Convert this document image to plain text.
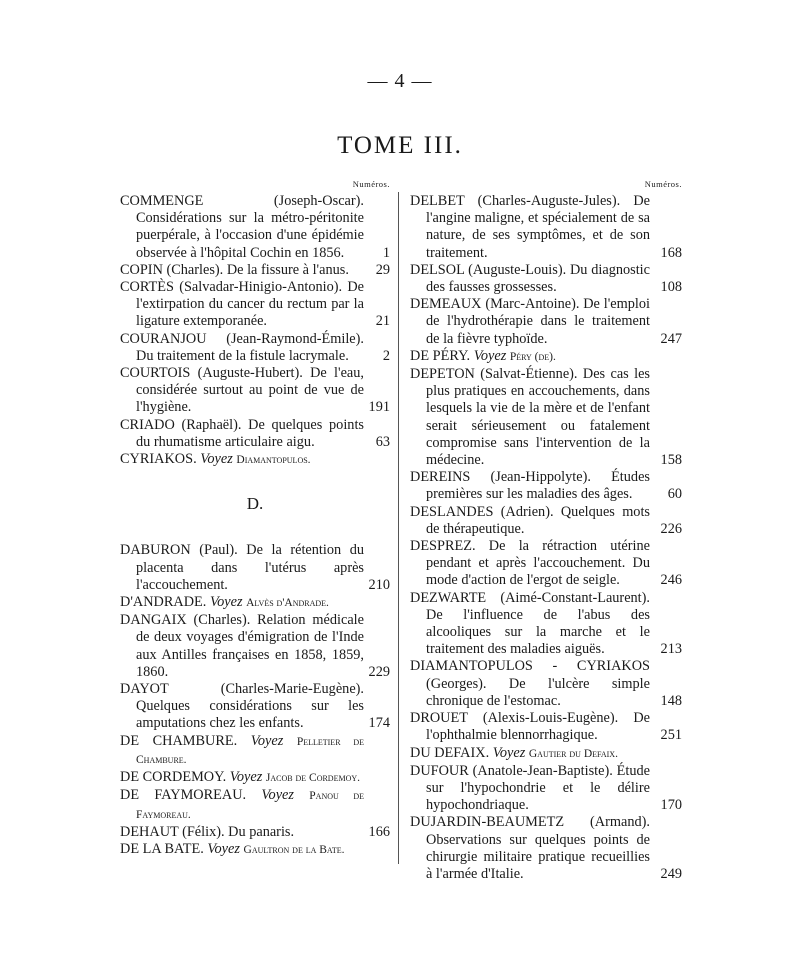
— 4 —
TOME III.
Numéros.
COMMENGE (Joseph-Oscar). Considérations sur la métro-péritonite puerpérale, à l'occasion d'une épidémie observée à l'hôpital Cochin en 1856.	1
COPIN (Charles). De la fissure à l'anus. 29
CORTÈS (Salvadar-Hinigio-Antonio). De l'extirpation du cancer du rectum par la ligature extemporanée.	21
COURANJOU (Jean-Raymond-Émile). Du traitement de la fistule lacrymale. 2
COURTOIS (Auguste-Hubert). De l'eau, considérée surtout au point de vue de l'hygiène.	191
CRIADO (Raphaël). De quelques points du rhumatisme articulaire aigu.	63
CYRIAKOS. Voyez Diamantopulos.
D.
DABURON (Paul). De la rétention du placenta dans l'utérus après l'accouchement.	210
D'ANDRADE. Voyez Alvès d'Andrade.
DANGAIX (Charles). Relation médicale de deux voyages d'émigration de l'Inde aux Antilles françaises en 1858, 1859, 1860.	229
DAYOT (Charles-Marie-Eugène). Quelques considérations sur les amputations chez les enfants.	174
DE CHAMBURE. Voyez Pelletier de Chambure.
DE CORDEMOY. Voyez Jacob de Cordemoy.
DE FAYMOREAU. Voyez Panou de Faymoreau.
DEHAUT (Félix). Du panaris.	166
DE LA BATE. Voyez Gaultron de la Bate.
Numéros.
DELBET (Charles-Auguste-Jules). De l'angine maligne, et spécialement de sa nature, de ses symptômes, et de son traitement.	168
DELSOL (Auguste-Louis). Du diagnostic des fausses grossesses.	108
DEMEAUX (Marc-Antoine). De l'emploi de l'hydrothérapie dans le traitement de la fièvre typhoïde.	247
DE PÉRY. Voyez Péry (de).
DEPETON (Salvat-Étienne). Des cas les plus pratiques en accouchements, dans lesquels la vie de la mère et de l'enfant serait sérieusement ou fatalement compromise sans l'intervention de la médecine.	158
DEREINS (Jean-Hippolyte). Études premières sur les maladies des âges. 60
DESLANDES (Adrien). Quelques mots de thérapeutique.	226
DESPREZ. De la rétraction utérine pendant et après l'accouchement. Du mode d'action de l'ergot de seigle.	246
DEZWARTE (Aimé-Constant-Laurent). De l'influence de l'abus des alcooliques sur la marche et le traitement des maladies aiguës.	213
DIAMANTOPULOS - CYRIAKOS (Georges). De l'ulcère simple chronique de l'estomac.	148
DROUET (Alexis-Louis-Eugène). De l'ophthalmie blennorrhagique.	251
DU DEFAIX. Voyez Gautier du Defaix.
DUFOUR (Anatole-Jean-Baptiste). Étude sur l'hypochondrie et le délire hypochondriaque.	170
DUJARDIN-BEAUMETZ (Armand). Observations sur quelques points de chirurgie militaire pratique recueillies à l'armée d'Italie.	249
